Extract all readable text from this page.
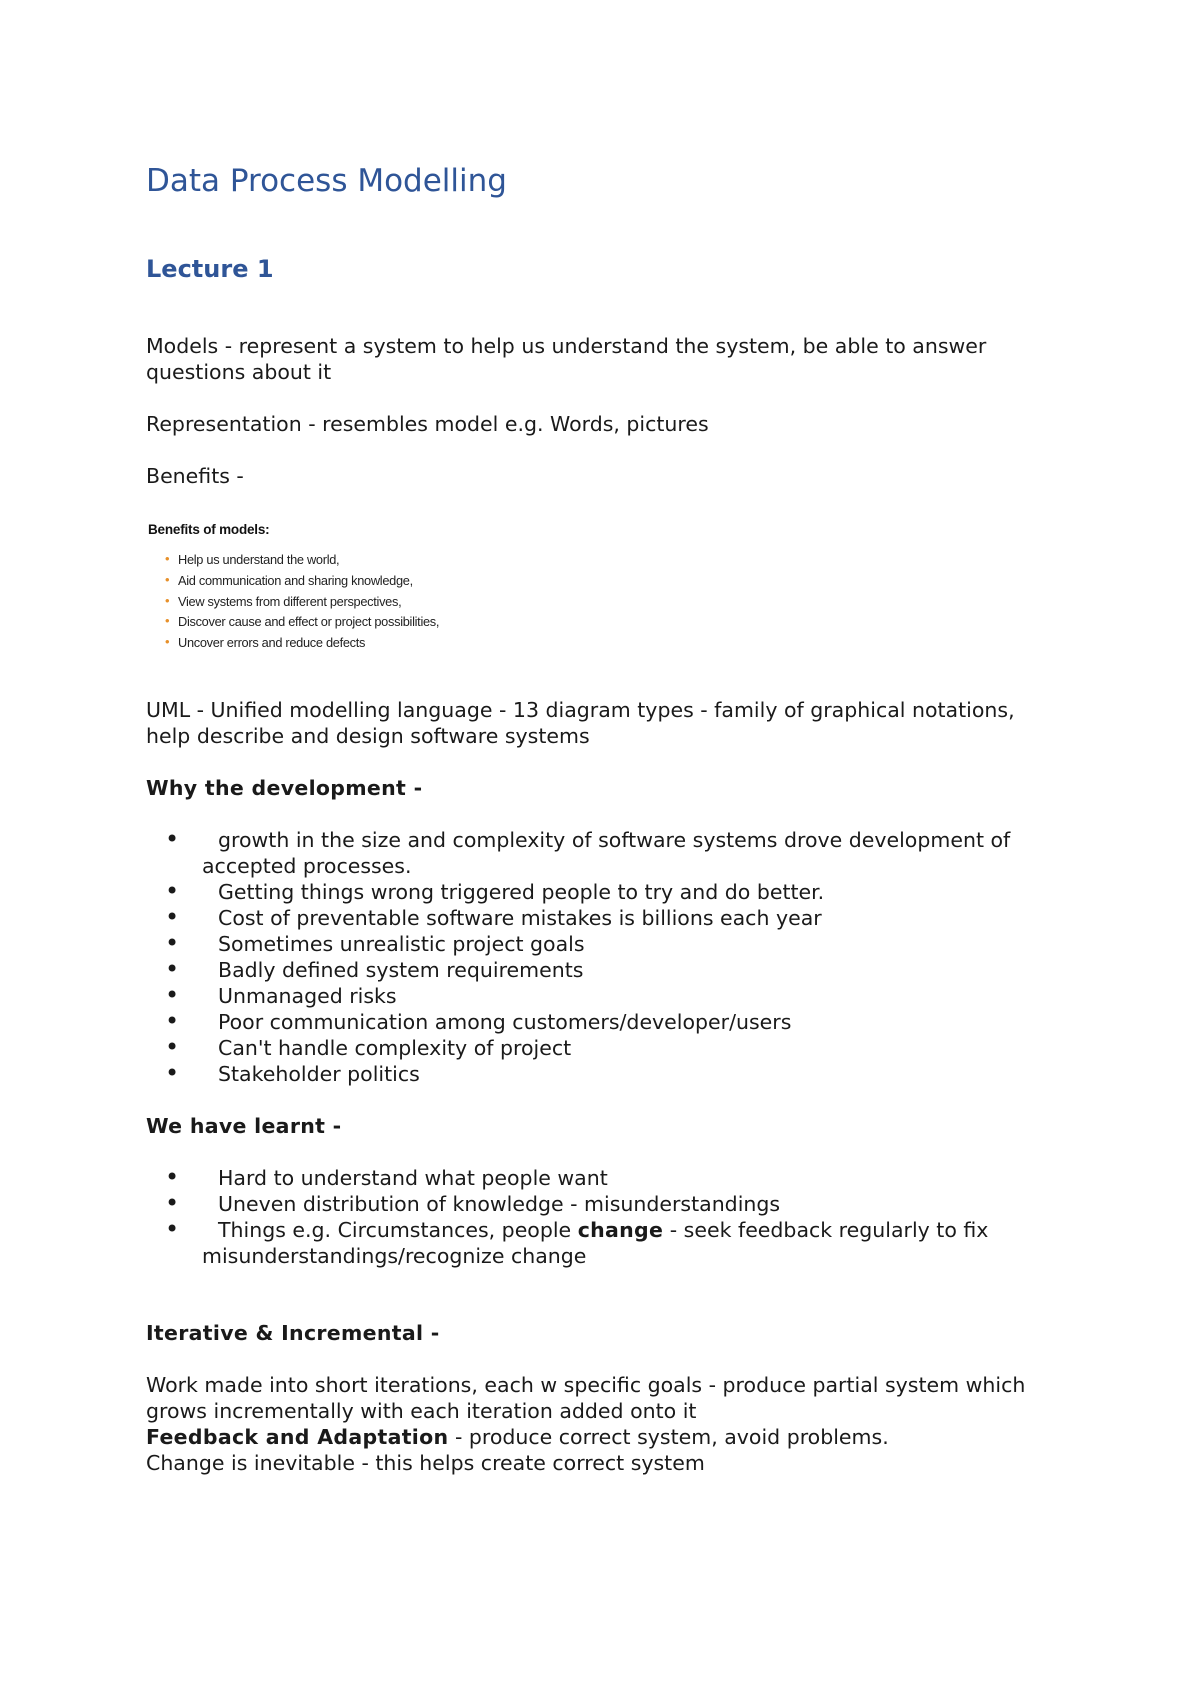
Data Process Modelling
Lecture 1

Models - represent a system to help us understand the system, be able to answer questions about it

Representation - resembles model e.g. Words, pictures

Benefits -

Benefits of models:
• Help us understand the world,
• Aid communication and sharing knowledge,
• View systems from different perspectives,
• Discover cause and effect or project possibilities,
• Uncover errors and reduce defects

UML - Unified modelling language - 13 diagram types - family of graphical notations, help describe and design software systems

Why the development -

• growth in the size and complexity of software systems drove development of accepted processes.
• Getting things wrong triggered people to try and do better.
• Cost of preventable software mistakes is billions each year
• Sometimes unrealistic project goals
• Badly defined system requirements
• Unmanaged risks
• Poor communication among customers/developer/users
• Can't handle complexity of project
• Stakeholder politics

We have learnt -

• Hard to understand what people want
• Uneven distribution of knowledge - misunderstandings
• Things e.g. Circumstances, people change - seek feedback regularly to fix misunderstandings/recognize change

Iterative & Incremental -

Work made into short iterations, each w specific goals - produce partial system which grows incrementally with each iteration added onto it

Feedback and Adaptation - produce correct system, avoid problems.

Change is inevitable - this helps create correct system
